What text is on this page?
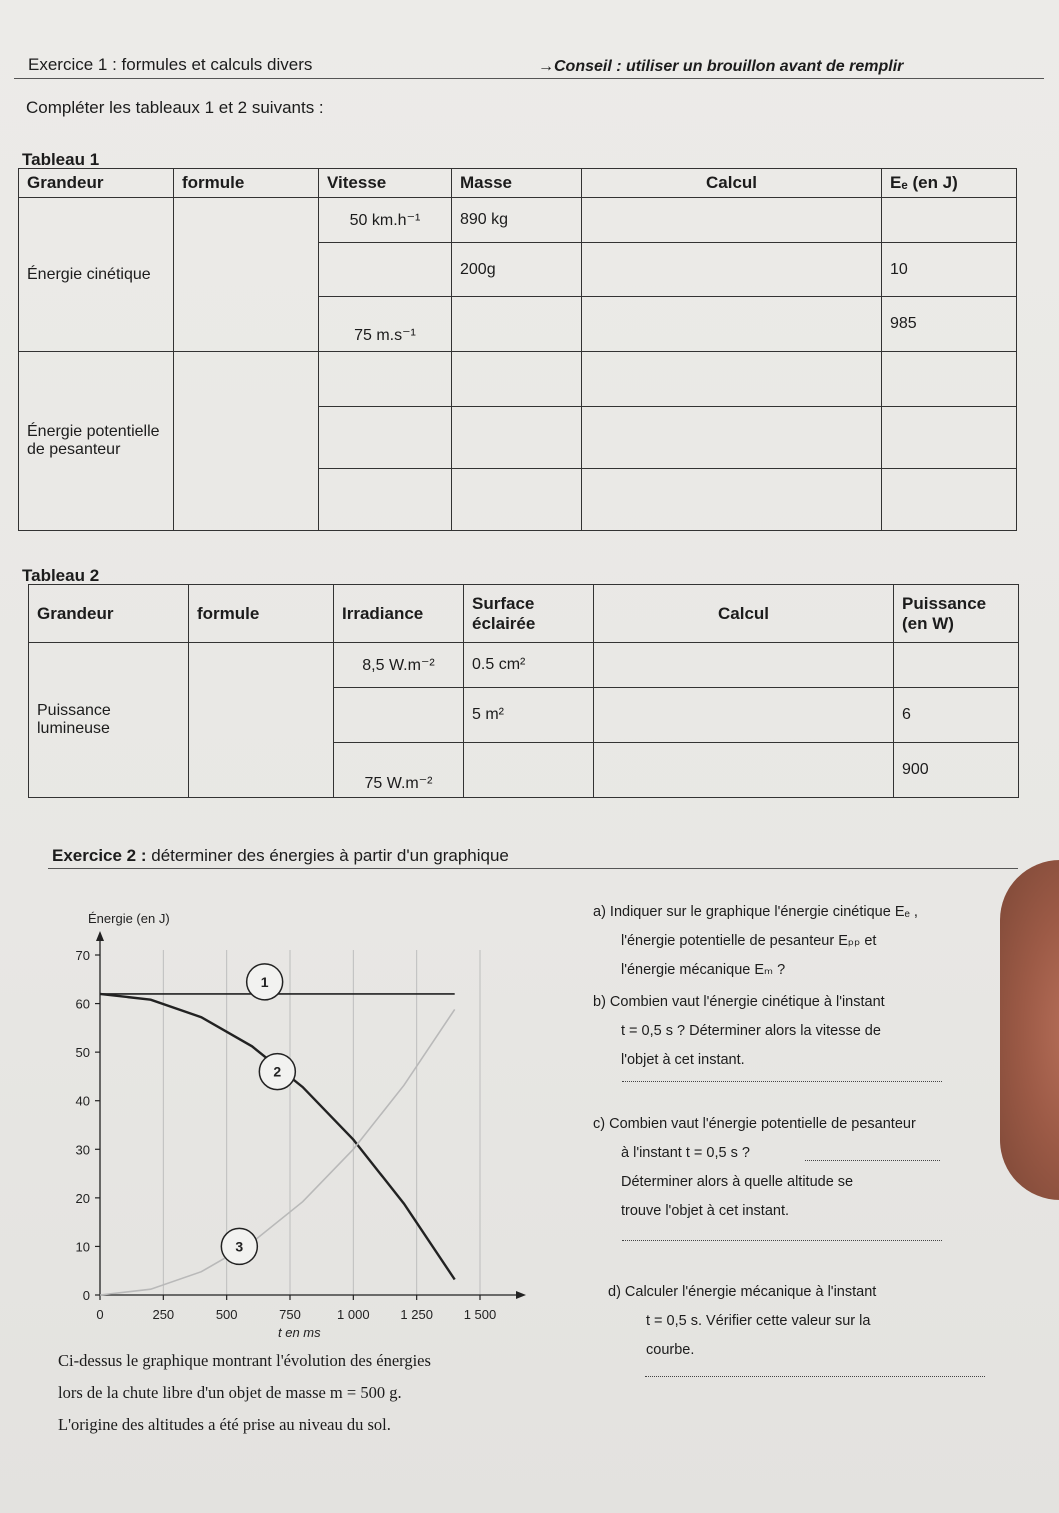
Exercice 1 : formules et calculs divers	→Conseil : utiliser un brouillon avant de remplir
Compléter les tableaux 1 et 2 suivants :
Tableau 1
Grandeur	formule	Vitesse	Masse	Calcul	Eₑ (en J)
Énergie cinétique		50 km.h⁻¹	890 kg		
			200g		10
		75 m.s⁻¹			985
Énergie potentielle de pesanteur					

Tableau 2
Grandeur	formule	Irradiance	Surface éclairée	Calcul	Puissance (en W)
Puissance lumineuse		8,5 W.m⁻²	0.5 cm²		
			5 m²		6
		75 W.m⁻²			900
Exercice 2 : déterminer des énergies à partir d'un graphique
0	250	500	750	1 000 1 250 1 500
0
10
20
30
40
50
60
70
Énergie (en J)
t en ms
1
2
3
a) Indiquer sur le graphique l'énergie cinétique Eₑ ,
l'énergie potentielle de pesanteur Eₚₚ et
l'énergie mécanique Eₘ ?
b) Combien vaut l'énergie cinétique à l'instant
t = 0,5 s ? Déterminer alors la vitesse de
l'objet à cet instant.
c) Combien vaut l'énergie potentielle de pesanteur
à l'instant t = 0,5 s ?
Déterminer alors à quelle altitude se
trouve l'objet à cet instant.
d) Calculer l'énergie mécanique à l'instant
t = 0,5 s. Vérifier cette valeur sur la
courbe.
Ci-dessus le graphique montrant l'évolution des énergies
lors de la chute libre d'un objet de masse m = 500 g.
L'origine des altitudes a été prise au niveau du sol.
